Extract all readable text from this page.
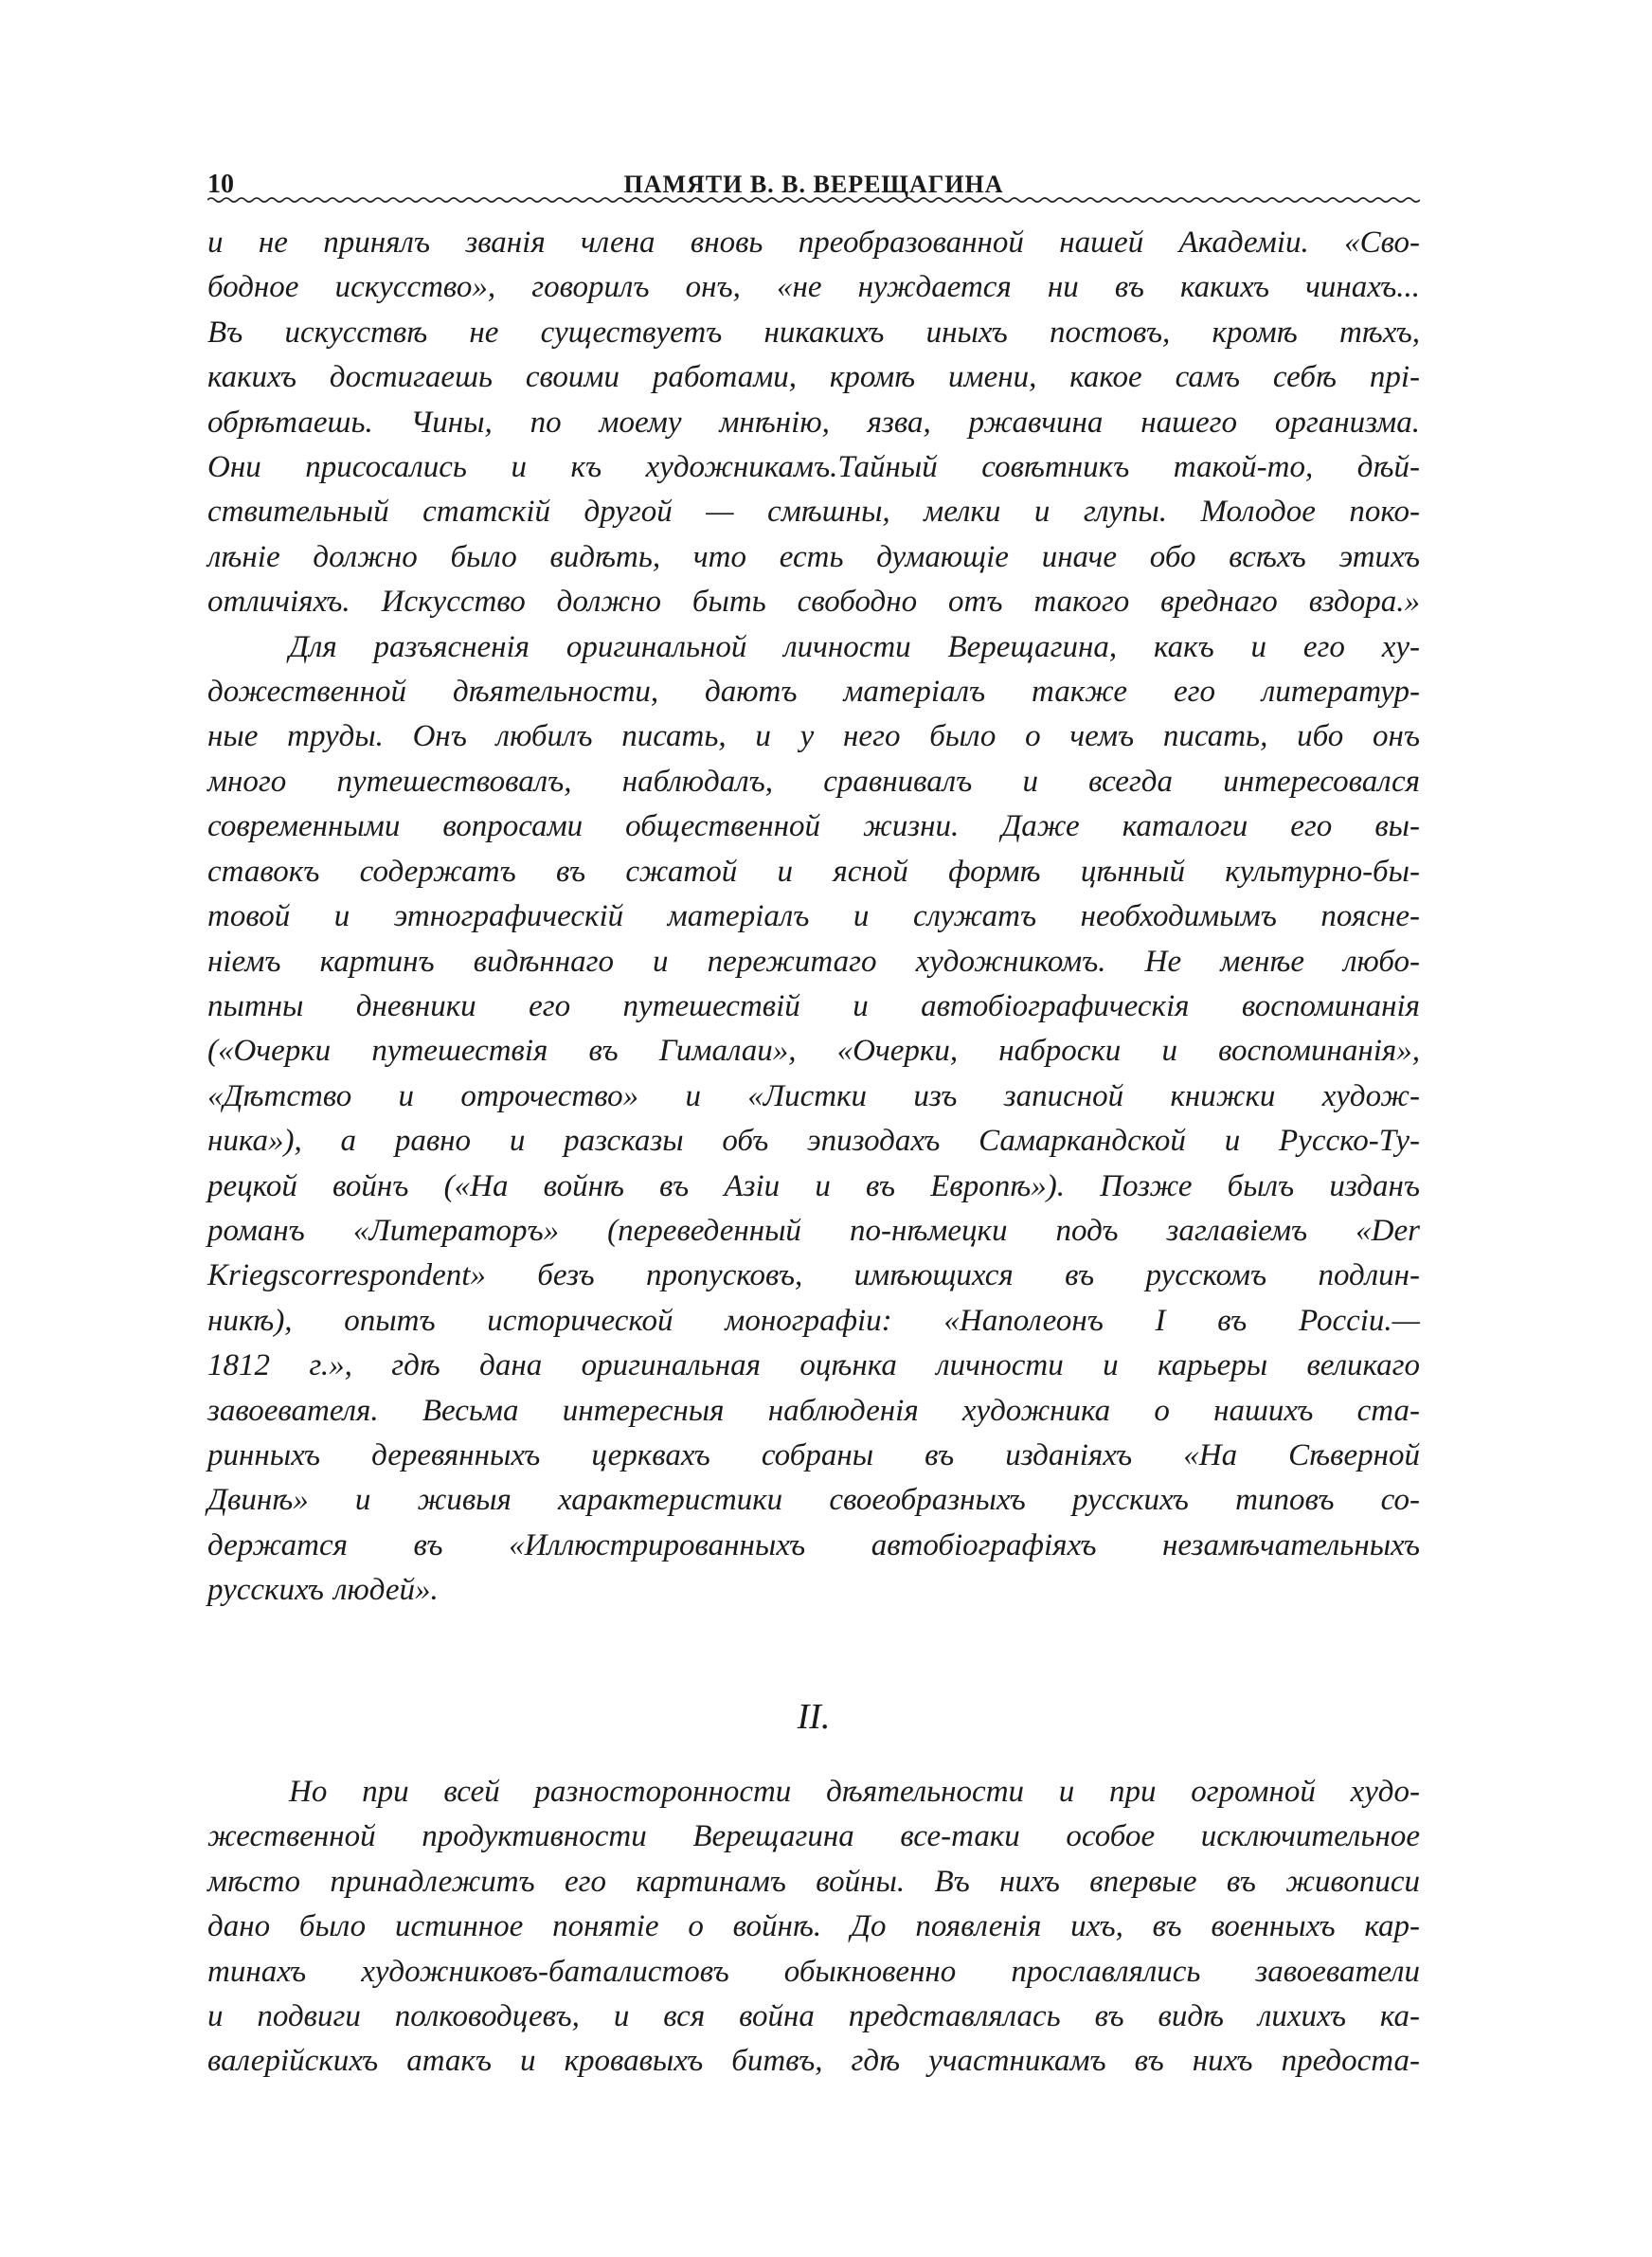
10	ПАМЯТИ В. В. ВЕРЕЩАГИНА

и не принялъ званія члена вновь преобразованной нашей Академіи. «Сво-
бодное искусство», говорилъ онъ, «не нуждается ни въ какихъ чинахъ...
Въ искусствѣ не существуетъ никакихъ иныхъ постовъ, кромѣ тѣхъ,
какихъ достигаешь своими работами, кромѣ имени, какое самъ себѣ прі-
обрѣтаешь. Чины, по моему мнѣнію, язва, ржавчина нашего организма.
Они присосались и къ художникамъ.Тайный совѣтникъ такой-то, дѣй-
ствительный статскій другой — смѣшны, мелки и глупы. Молодое поко-
лѣніе должно было видѣть, что есть думающіе иначе обо всѣхъ этихъ
отличіяхъ. Искусство должно быть свободно отъ такого вреднаго вздора.»

Для разъясненія оригинальной личности Верещагина, какъ и его ху-
дожественной дѣятельности, даютъ матеріалъ также его литератур-
ные труды. Онъ любилъ писать, и у него было о чемъ писать, ибо онъ
много путешествовалъ, наблюдалъ, сравнивалъ и всегда интересовался
современными вопросами общественной жизни. Даже каталоги его вы-
ставокъ содержатъ въ сжатой и ясной формѣ цѣнный культурно-бы-
товой и этнографическій матеріалъ и служатъ необходимымъ поясне-
ніемъ картинъ видѣннаго и пережитаго художникомъ. Не менѣе любо-
пытны дневники его путешествій и автобіографическія воспоминанія
(«Очерки путешествія въ Гималаи», «Очерки, наброски и воспоминанія»,
«Дѣтство и отрочество» и «Листки изъ записной книжки худож-
ника»), а равно и разсказы объ эпизодахъ Самаркандской и Русско-Ту-
рецкой войнъ («На войнѣ въ Азіи и въ Европѣ»). Позже былъ изданъ
романъ «Литераторъ» (переведенный по-нѣмецки подъ заглавіемъ «Der
Kriegscorrespondent» безъ пропусковъ, имѣющихся въ русскомъ подлин-
никѣ), опытъ исторической монографіи: «Наполеонъ I въ Россіи.—
1812 г.», гдѣ дана оригинальная оцѣнка личности и карьеры великаго
завоевателя. Весьма интересныя наблюденія художника о нашихъ ста-
ринныхъ деревянныхъ церквахъ собраны въ изданіяхъ «На Сѣверной
Двинѣ» и живыя характеристики своеобразныхъ русскихъ типовъ со-
держатся въ «Иллюстрированныхъ автобіографіяхъ незамѣчательныхъ
русскихъ людей».

II.

Но при всей разносторонности дѣятельности и при огромной худо-
жественной продуктивности Верещагина все-таки особое исключительное
мѣсто принадлежитъ его картинамъ войны. Въ нихъ впервые въ живописи
дано было истинное понятіе о войнѣ. До появленія ихъ, въ военныхъ кар-
тинахъ художниковъ-баталистовъ обыкновенно прославлялись завоеватели
и подвиги полководцевъ, и вся война представлялась въ видѣ лихихъ ка-
валерійскихъ атакъ и кровавыхъ битвъ, гдѣ участникамъ въ нихъ предоста-
